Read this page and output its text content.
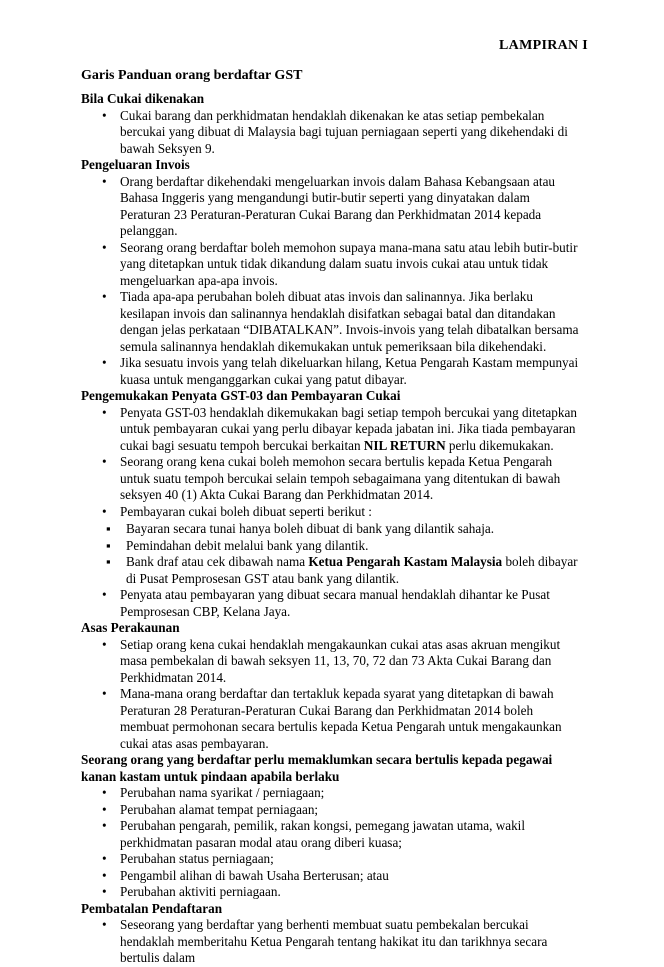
LAMPIRAN I
Garis Panduan orang berdaftar GST
Bila Cukai dikenakan
• Cukai barang dan perkhidmatan hendaklah dikenakan ke atas setiap pembekalan bercukai yang dibuat di Malaysia bagi tujuan perniagaan seperti yang dikehendaki di bawah Seksyen 9.
Pengeluaran Invois
• Orang berdaftar dikehendaki mengeluarkan invois dalam Bahasa Kebangsaan atau Bahasa Inggeris yang mengandungi butir-butir seperti yang dinyatakan dalam Peraturan 23 Peraturan-Peraturan Cukai Barang dan Perkhidmatan 2014 kepada pelanggan.
• Seorang orang berdaftar boleh memohon supaya mana-mana satu atau lebih butir-butir yang ditetapkan untuk tidak dikandung dalam suatu invois cukai atau untuk tidak mengeluarkan apa-apa invois.
• Tiada apa-apa perubahan boleh dibuat atas invois dan salinannya. Jika berlaku kesilapan invois dan salinannya hendaklah disifatkan sebagai batal dan ditandakan dengan jelas perkataan “DIBATALKAN”. Invois-invois yang telah dibatalkan bersama semula salinannya hendaklah dikemukakan untuk pemeriksaan bila dikehendaki.
• Jika sesuatu invois yang telah dikeluarkan hilang, Ketua Pengarah Kastam mempunyai kuasa untuk menganggarkan cukai yang patut dibayar.
Pengemukakan Penyata GST-03 dan Pembayaran Cukai
• Penyata GST-03 hendaklah dikemukakan bagi setiap tempoh bercukai yang ditetapkan untuk pembayaran cukai yang perlu dibayar kepada jabatan ini. Jika tiada pembayaran cukai bagi sesuatu tempoh bercukai berkaitan NIL RETURN perlu dikemukakan.
• Seorang orang kena cukai boleh memohon secara bertulis kepada Ketua Pengarah untuk suatu tempoh bercukai selain tempoh sebagaimana yang ditentukan di bawah seksyen 40 (1) Akta Cukai Barang dan Perkhidmatan 2014.
• Pembayaran cukai boleh dibuat seperti berikut :
▪ Bayaran secara tunai hanya boleh dibuat di bank yang dilantik sahaja.
▪ Pemindahan debit melalui bank yang dilantik.
▪ Bank draf atau cek dibawah nama Ketua Pengarah Kastam Malaysia boleh dibayar di Pusat Pemprosesan GST atau bank yang dilantik.
• Penyata atau pembayaran yang dibuat secara manual hendaklah dihantar ke Pusat Pemprosesan CBP, Kelana Jaya.
Asas Perakaunan
• Setiap orang kena cukai hendaklah mengakaunkan cukai atas asas akruan mengikut masa pembekalan di bawah seksyen 11, 13, 70, 72 dan 73 Akta Cukai Barang dan Perkhidmatan 2014.
• Mana-mana orang berdaftar dan tertakluk kepada syarat yang ditetapkan di bawah Peraturan 28 Peraturan-Peraturan Cukai Barang dan Perkhidmatan 2014 boleh membuat permohonan secara bertulis kepada Ketua Pengarah untuk mengakaunkan cukai atas asas pembayaran.
Seorang orang yang berdaftar perlu memaklumkan secara bertulis kepada pegawai kanan kastam untuk pindaan apabila berlaku
• Perubahan nama syarikat / perniagaan;
• Perubahan alamat tempat perniagaan;
• Perubahan pengarah, pemilik, rakan kongsi, pemegang jawatan utama, wakil perkhidmatan pasaran modal atau orang diberi kuasa;
• Perubahan status perniagaan;
• Pengambil alihan di bawah Usaha Berterusan; atau
• Perubahan aktiviti perniagaan.
Pembatalan Pendaftaran
• Seseorang yang berdaftar yang berhenti membuat suatu pembekalan bercukai hendaklah memberitahu Ketua Pengarah tentang hakikat itu dan tarikhnya secara bertulis dalam
